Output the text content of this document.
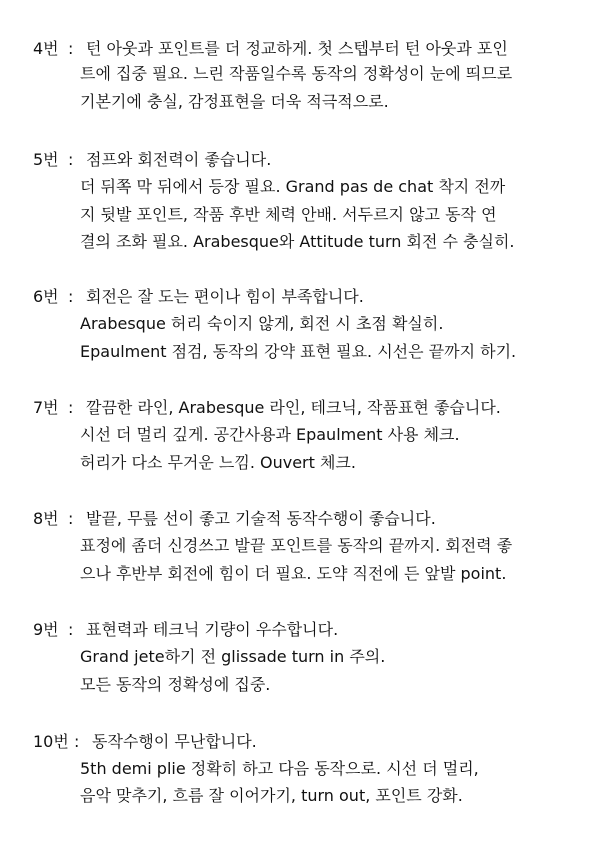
4번 : 턴 아웃과 포인트를 더 정교하게. 첫 스텝부터 턴 아웃과 포인
트에 집중 필요. 느린 작품일수록 동작의 정확성이 눈에 띄므로
기본기에 충실, 감정표현을 더욱 적극적으로.
5번 : 점프와 회전력이 좋습니다.
더 뒤쪽 막 뒤에서 등장 필요. Grand pas de chat 착지 전까
지 뒷발 포인트, 작품 후반 체력 안배. 서두르지 않고 동작 연
결의 조화 필요. Arabesque와 Attitude turn 회전 수 충실히.
6번 : 회전은 잘 도는 편이나 힘이 부족합니다.
Arabesque 허리 숙이지 않게, 회전 시 초점 확실히.
Epaulment 점검, 동작의 강약 표현 필요. 시선은 끝까지 하기.
7번 : 깔끔한 라인, Arabesque 라인, 테크닉, 작품표현 좋습니다.
시선 더 멀리 깊게. 공간사용과 Epaulment 사용 체크.
허리가 다소 무거운 느낌. Ouvert 체크.
8번 : 발끝, 무릎 선이 좋고 기술적 동작수행이 좋습니다.
표정에 좀더 신경쓰고 발끝 포인트를 동작의 끝까지. 회전력 좋
으나 후반부 회전에 힘이 더 필요. 도약 직전에 든 앞발 point.
9번 : 표현력과 테크닉 기량이 우수합니다.
Grand jete하기 전 glissade turn in 주의.
모든 동작의 정확성에 집중.
10번 : 동작수행이 무난합니다.
5th demi plie 정확히 하고 다음 동작으로. 시선 더 멀리,
음악 맞추기, 흐름 잘 이어가기, turn out, 포인트 강화.
